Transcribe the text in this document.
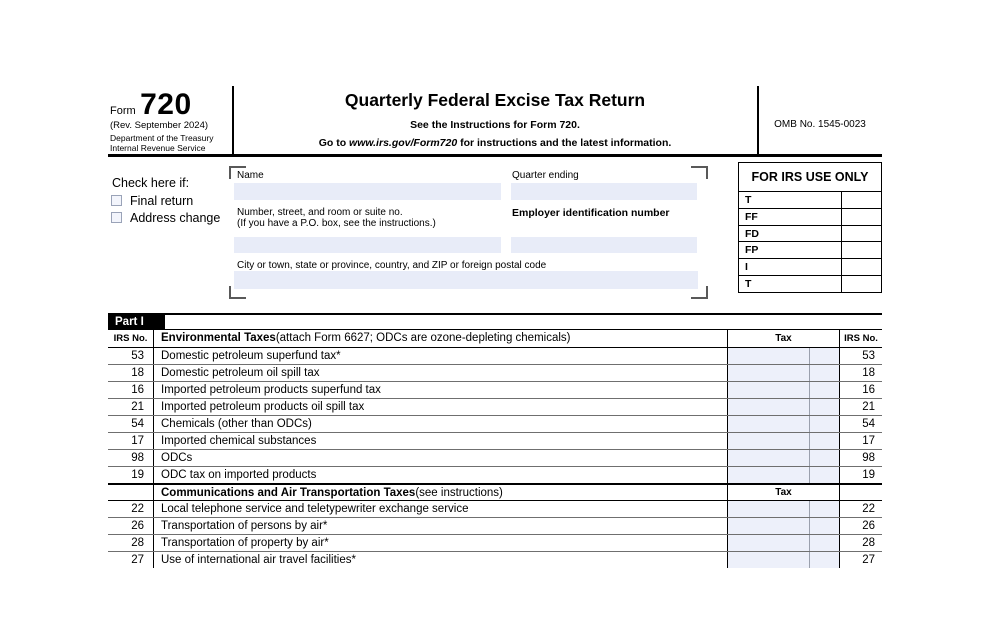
Form 720
(Rev. September 2024)
Department of the Treasury
Internal Revenue Service
Quarterly Federal Excise Tax Return
See the Instructions for Form 720.
Go to www.irs.gov/Form720 for instructions and the latest information.
OMB No. 1545-0023
Check here if:
Final return
Address change
Name	Quarter ending
Number, street, and room or suite no.
(If you have a P.O. box, see the instructions.)
Employer identification number
City or town, state or province, country, and ZIP or foreign postal code
FOR IRS USE ONLY
T
FF
FD
FP
I
T
Part I
IRS No.	Environmental Taxes (attach Form 6627; ODCs are ozone-depleting chemicals)	Tax	IRS No.
53	Domestic petroleum superfund tax*	53
18	Domestic petroleum oil spill tax	18
16	Imported petroleum products superfund tax	16
21	Imported petroleum products oil spill tax	21
54	Chemicals (other than ODCs)	54
17	Imported chemical substances	17
98	ODCs	98
19	ODC tax on imported products	19
Communications and Air Transportation Taxes (see instructions)	Tax
22	Local telephone service and teletypewriter exchange service	22
26	Transportation of persons by air*	26
28	Transportation of property by air*	28
27	Use of international air travel facilities*	27
